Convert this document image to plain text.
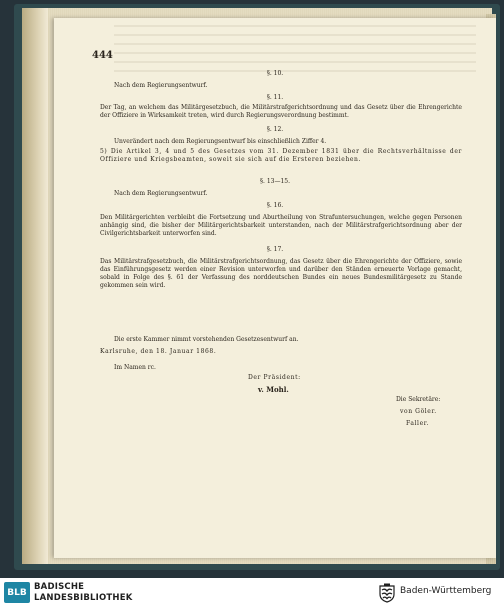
444
§. 10.
Nach dem Regierungsentwurf.
§. 11.
Der Tag, an welchem das Militärgesetzbuch, die Militärstrafgerichtsordnung und das Gesetz über die Ehrengerichte der Offiziere in Wirksamkeit treten, wird durch Regierungsverordnung bestimmt.
§. 12.
Unverändert nach dem Regierungsentwurf bis einschließlich Ziffer 4.
5) Die Artikel 3, 4 und 5 des Gesetzes vom 31. Dezember 1831 über die Rechtsverhältnisse der Offiziere und Kriegsbeamten, soweit sie sich auf die Ersteren beziehen.
§. 13—15.
Nach dem Regierungsentwurf.
§. 16.
Den Militärgerichten verbleibt die Fortsetzung und Aburtheilung von Strafuntersuchungen, welche gegen Personen anhängig sind, die bisher der Militärgerichtsbarkeit unterstanden, nach der Militärstrafgerichtsordnung aber der Civilgerichtsbarkeit unterworfen sind.
§. 17.
Das Militärstrafgesetzbuch, die Militärstrafgerichtsordnung, das Gesetz über die Ehrengerichte der Offiziere, sowie das Einführungsgesetz werden einer Revision unterworfen und darüber den Ständen erneuerte Vorlage gemacht, sobald in Folge des §. 61 der Verfassung des norddeutschen Bundes ein neues Bundesmilitärgesetz zu Stande gekommen sein wird.
Die erste Kammer nimmt vorstehenden Gesetzesentwurf an.
Karlsruhe, den 18. Januar 1868.
Im Namen rc.
Der Präsident:
v. Mohl.
Die Sekretäre:
von Göler.
Faller.
BLB
BADISCHE
LANDESBIBLIOTHEK
Baden-Württemberg
